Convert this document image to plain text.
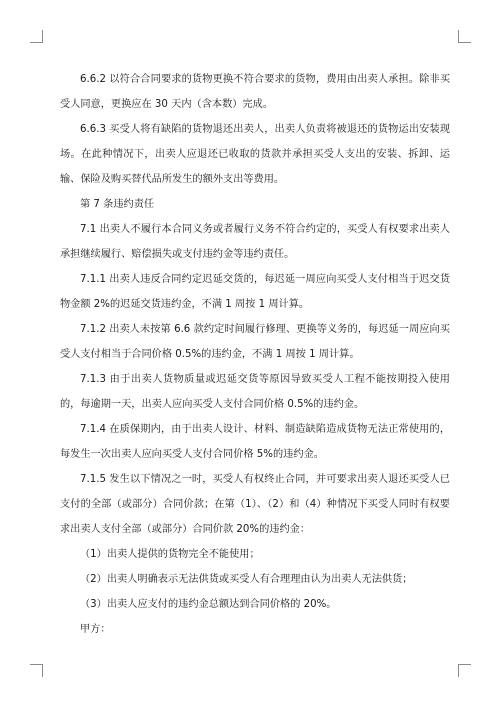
6.6.2 以符合合同要求的货物更换不符合要求的货物，费用由出卖人承担。除非买受人同意，更换应在 30 天内（含本数）完成。

6.6.3 买受人将有缺陷的货物退还出卖人，出卖人负责将被退还的货物运出安装现场。在此种情况下，出卖人应退还已收取的货款并承担买受人支出的安装、拆卸、运输、保险及购买替代品所发生的额外支出等费用。

第 7 条违约责任

7.1 出卖人不履行本合同义务或者履行义务不符合约定的，买受人有权要求出卖人承担继续履行、赔偿损失或支付违约金等违约责任。

7.1.1 出卖人违反合同约定迟延交货的，每迟延一周应向买受人支付相当于迟交货物金额 2%的迟延交货违约金，不满 1 周按 1 周计算。

7.1.2 出卖人未按第 6.6 款约定时间履行修理、更换等义务的，每迟延一周应向买受人支付相当于合同价格 0.5%的违约金，不满 1 周按 1 周计算。

7.1.3 由于出卖人货物质量或迟延交货等原因导致买受人工程不能按期投入使用的，每逾期一天，出卖人应向买受人支付合同价格 0.5%的违约金。

7.1.4 在质保期内，由于出卖人设计、材料、制造缺陷造成货物无法正常使用的，每发生一次出卖人应向买受人支付合同价格 5%的违约金。

7.1.5 发生以下情况之一时，买受人有权终止合同，并可要求出卖人退还买受人已支付的全部（或部分）合同价款；在第（1）、（2）和（4）种情况下买受人同时有权要求出卖人支付全部（或部分）合同价款 20%的违约金：

（1）出卖人提供的货物完全不能使用；

（2）出卖人明确表示无法供货或买受人有合理理由认为出卖人无法供货；

（3）出卖人应支付的违约金总额达到合同价格的 20%。

甲方：
